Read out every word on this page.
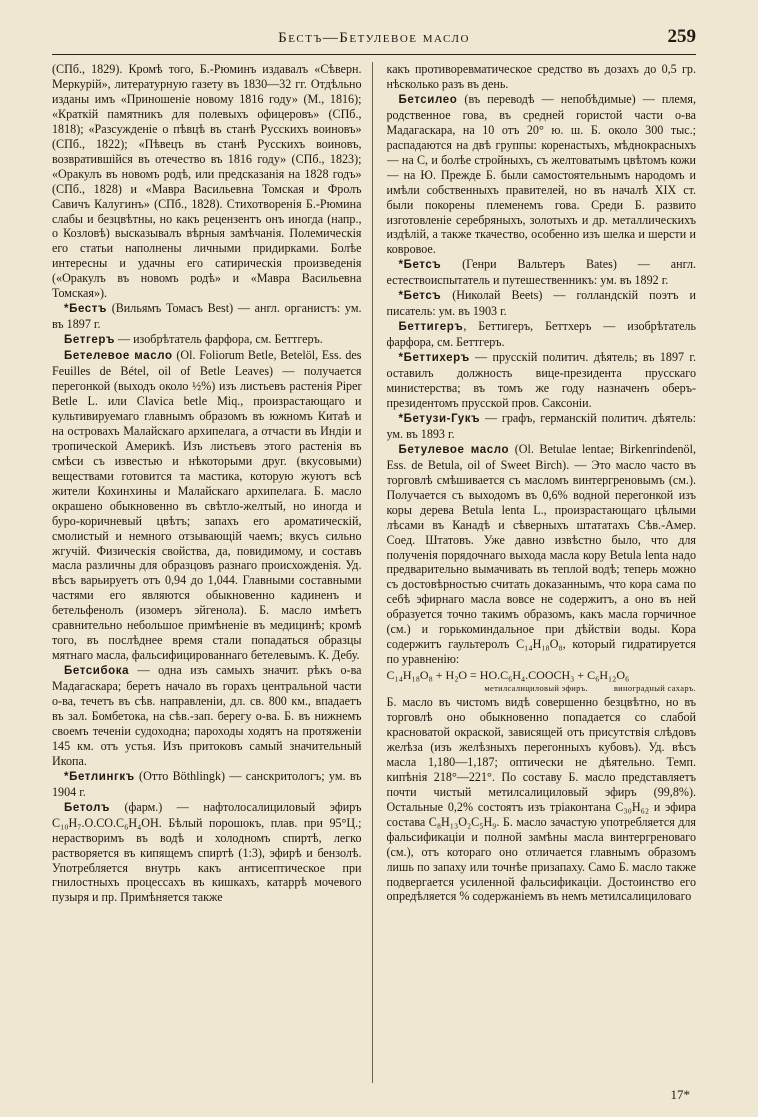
Бестъ—Бетулевое масло	259

(СПб., 1829). Кромѣ того, Б.-Рюминъ издавалъ «Сѣверн. Меркурій», литературную газету въ 1830—32 гг. Отдѣльно изданы имъ «Приношеніе новому 1816 году» (М., 1816); «Краткій памятникъ для полевыхъ офицеровъ» (СПб., 1818); «Разсужденіе о пѣвцѣ въ станѣ Русскихъ воиновъ» (СПб., 1822); «Пѣвецъ въ станѣ Русскихъ воиновъ, возвратившійся въ отечество въ 1816 году» (СПб., 1823); «Оракулъ въ новомъ родѣ, или предсказанія на 1828 годъ» (СПб., 1828) и «Мавра Васильевна Томская и Фролъ Савичъ Калугинъ» (СПб., 1828). Стихотворенія Б.-Рюмина слабы и безцвѣтны, но какъ рецензентъ онъ иногда (напр., о Козловѣ) высказывалъ вѣрныя замѣчанія. Полемическія его статьи наполнены личными придирками. Болѣе интересны и удачны его сатирическія произведенія («Оракулъ въ новомъ родѣ» и «Мавра Васильевна Томская»).

*Бестъ (Вильямъ Томасъ Best) — англ. органистъ: ум. въ 1897 г.

Бетгеръ — изобрѣтатель фарфора, см. Беттгеръ.

Бетелевое масло (Ol. Foliorum Betle, Betelöl, Ess. des Feuilles de Bétel, oil of Betle Leaves) — получается перегонкой (выходъ около ½%) изъ листьевъ растенія Piper Betle L. или Clavica betle Miq., произрастающаго и культивируемаго главнымъ образомъ въ южномъ Китаѣ и на островахъ Малайскаго архипелага, а отчасти въ Индіи и тропической Америкѣ. Изъ листьевъ этого растенія въ смѣси съ известью и нѣкоторыми друг. (вкусовыми) веществами готовится та мастика, которую жуютъ всѣ жители Кохинхины и Малайскаго архипелага. Б. масло окрашено обыкновенно въ свѣтло-желтый, но иногда и буро-коричневый цвѣтъ; запахъ его ароматическій, смолистый и немного отзывающій чаемъ; вкусъ сильно жгучій. Физическія свойства, да, повидимому, и составъ масла различны для образцовъ разнаго происхожденія. Уд. вѣсъ варьируетъ отъ 0,94 до 1,044. Главными составными частями его являются обыкновенно кадиненъ и бетельфенолъ (изомеръ эйгенола). Б. масло имѣетъ сравнительно небольшое примѣненіе въ медицинѣ; кромѣ того, въ послѣднее время стали попадаться образцы мятнаго масла, фальсифицированнаго бетелевымъ. К. Дебу.

Бетсибока — одна изъ самыхъ значит. рѣкъ о-ва Мадагаскара; беретъ начало въ горахъ центральной части о-ва, течетъ въ сѣв. направленіи, дл. св. 800 км., впадаетъ въ зал. Бомбетока, на сѣв.-зап. берегу о-ва. Б. въ нижнемъ своемъ теченіи судоходна; пароходы ходятъ на протяженіи 145 км. отъ устья. Изъ притоковъ самый значительный Икопа.

*Бетлингкъ (Отто Böthlingk) — санскритологъ; ум. въ 1904 г.

Бетолъ (фарм.) — нафтолосалициловый эфиръ C₁₀H₇.O.CO.C₆H₄OH. Бѣлый порошокъ, плав. при 95°Ц.; нерастворимъ въ водѣ и холодномъ спиртѣ, легко растворяется въ кипящемъ спиртѣ (1:3), эфирѣ и бензолѣ. Употребляется внутрь какъ антисептическое при гнилостныхъ процессахъ въ кишкахъ, катаррѣ мочевого пузыря и пр. Примѣняется также

какъ противоревматическое средство въ дозахъ до 0,5 гр. нѣсколько разъ въ день.

Бетсилео (въ переводѣ — непобѣдимые) — племя, родственное гова, въ средней гористой части о-ва Мадагаскара, на 10 отъ 20° ю. ш. Б. около 300 тыс.; распадаются на двѣ группы: коренастыхъ, мѣднокрасныхъ — на С, и болѣе стройныхъ, съ желтоватымъ цвѣтомъ кожи — на Ю. Прежде Б. были самостоятельнымъ народомъ и имѣли собственныхъ правителей, но въ началѣ XIX ст. были покорены племенемъ гова. Среди Б. развито изготовленіе серебряныхъ, золотыхъ и др. металлическихъ издѣлій, а также ткачество, особенно изъ шелка и шерсти и ковровое.

*Бетсъ (Генри Вальтеръ Bates) — англ. естествоиспытатель и путешественникъ: ум. въ 1892 г.

*Бетсъ (Николай Beets) — голландскій поэтъ и писатель: ум. въ 1903 г.

Беттигеръ, Беттигеръ, Беттхеръ — изобрѣтатель фарфора, см. Беттгеръ.

*Беттихеръ — прусскій политич. дѣятель; въ 1897 г. оставилъ должность вице-президента прусскаго министерства; въ томъ же году назначенъ оберъ-президентомъ прусской пров. Саксоніи.

*Бетузи-Гукъ — графъ, германскій политич. дѣятель: ум. въ 1893 г.

Бетулевое масло (Ol. Betulae lentae; Birkenrindenöl, Ess. de Betula, oil of Sweet Birch). — Это масло часто въ торговлѣ смѣшивается съ масломъ винтергреновымъ (см.). Получается съ выходомъ въ 0,6% водной перегонкой изъ коры дерева Betula lenta L., произрастающаго цѣлыми лѣсами въ Канадѣ и сѣверныхъ штататахъ Сѣв.-Амер. Соед. Штатовъ. Уже давно извѣстно было, что для полученія порядочнаго выхода масла кору Betula lenta надо предварительно вымачивать въ теплой водѣ; теперь можно съ достовѣрностью считать доказаннымъ, что кора сама по себѣ эфирнаго масла вовсе не содержитъ, а оно въ ней образуется точно такимъ образомъ, какъ масла горчичное (см.) и горькоминдальное при дѣйствіи воды. Кора содержитъ гаультеролъ C₁₄H₁₈O₈, который гидратируется по уравненію:

C₁₄H₁₈O₈ + H₂O = HO.C₆H₄.COOCH₃ + C₆H₁₂O₆

метилсалициловый эфиръ.	виноградный сахаръ.

Б. масло въ чистомъ видѣ совершенно безцвѣтно, но въ торговлѣ оно обыкновенно попадается со слабой красноватой окраской, зависящей отъ присутствія слѣдовъ желѣза (изъ желѣзныхъ перегонныхъ кубовъ). Уд. вѣсъ масла 1,180—1,187; оптически не дѣятельно. Темп. кипѣнія 218°—221°. По составу Б. масло представляетъ почти чистый метилсалициловый эфиръ (99,8%). Остальные 0,2% состоятъ изъ тріаконтана C₃₀H₆₂ и эфира состава C₈H₁₃O₂C₅H₉. Б. масло зачастую употребляется для фальсификаціи и полной замѣны масла винтергреноваго (см.), отъ котораго оно отличается главнымъ образомъ лишь по запаху или точнѣе призапаху. Само Б. масло также подвергается усиленной фальсификаціи. Достоинство его опредѣляется % содержаніемъ въ немъ метилсалициловаго

17*
